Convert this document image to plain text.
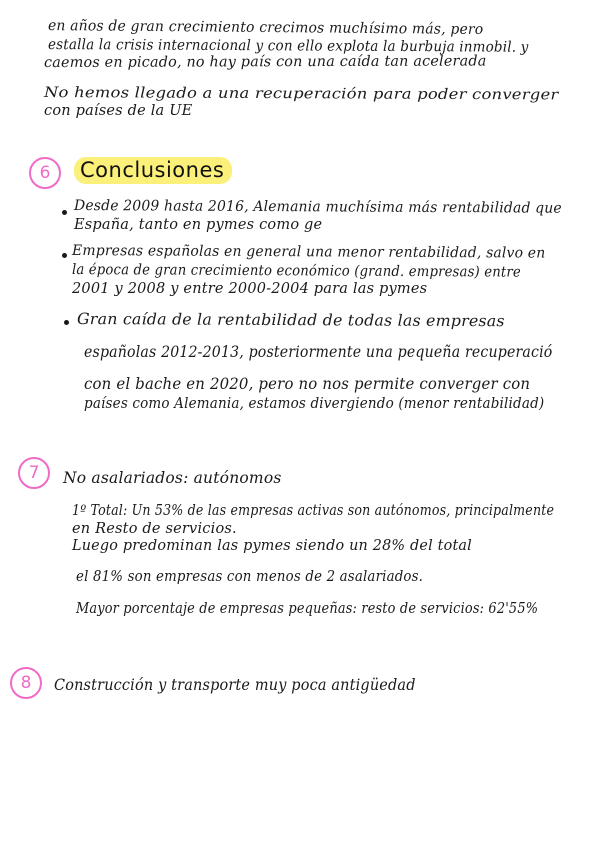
en años de gran crecimiento crecimos muchísimo más, pero
estalla la crisis internacional y con ello explota la burbuja inmobil. y
caemos en picado, no hay país con una caída tan acelerada
No hemos llegado a una recuperación para poder converger
con países de la UE
6	Conclusiones
Desde 2009 hasta 2016, Alemania muchísima más rentabilidad que
España, tanto en pymes como ge
Empresas españolas en general una menor rentabilidad, salvo en
la época de gran crecimiento económico (grand. empresas) entre
2001 y 2008 y entre 2000-2004 para las pymes
Gran caída de la rentabilidad de todas las empresas
españolas 2012-2013, posteriormente una pequeña recuperació
con el bache en 2020, pero no nos permite converger con
países como Alemania, estamos divergiendo (menor rentabilidad)
7	No asalariados: autónomos
1º Total: Un 53% de las empresas activas son autónomos, principalmente
en Resto de servicios.
Luego predominan las pymes siendo un 28% del total
el 81% son empresas con menos de 2 asalariados.
Mayor porcentaje de empresas pequeñas: resto de servicios: 62'55%
8	Construcción y transporte muy poca antigüedad
